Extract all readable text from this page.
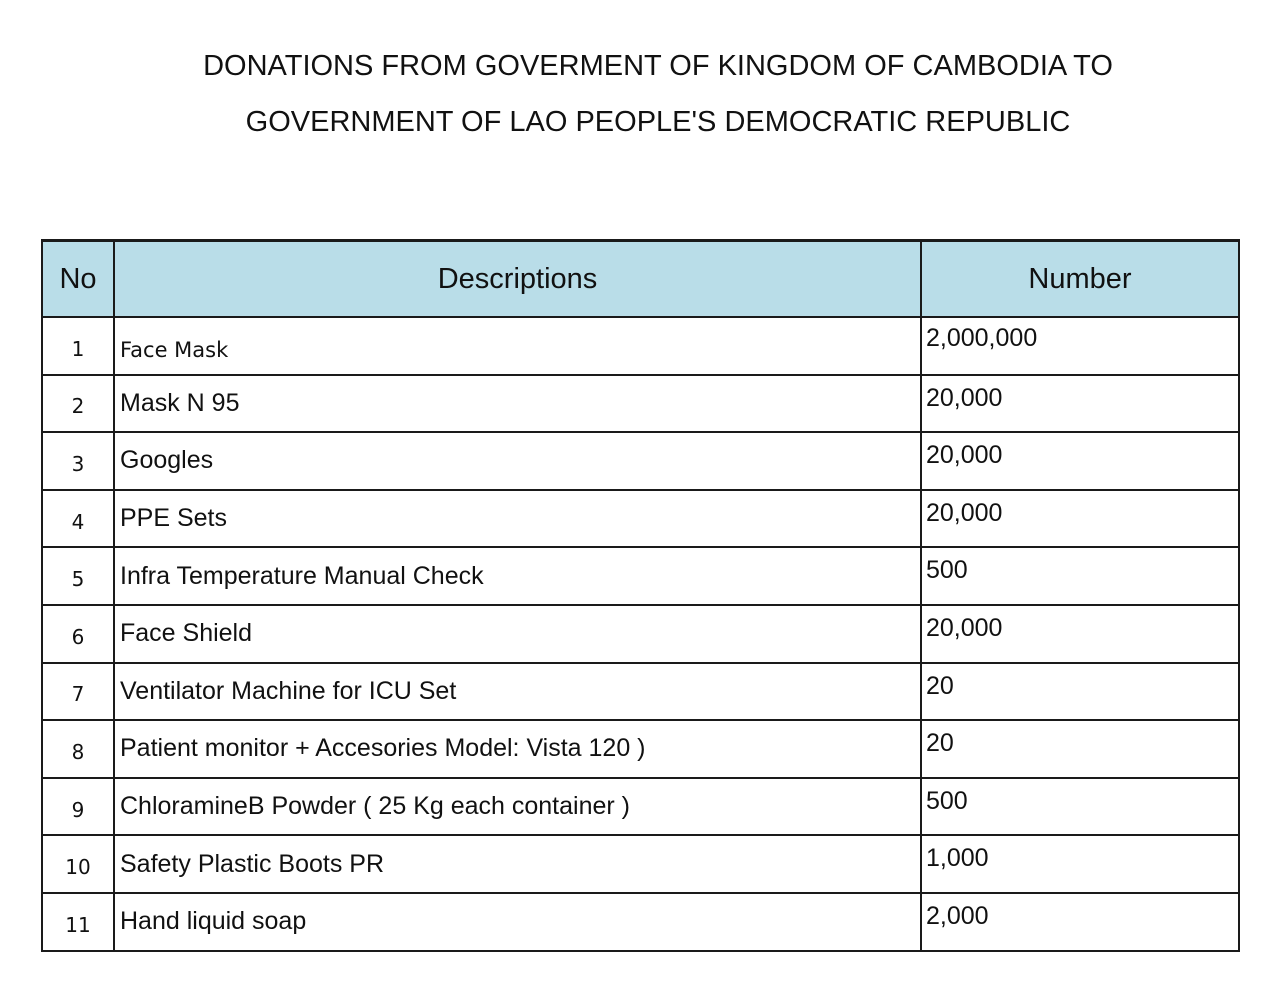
DONATIONS FROM GOVERMENT OF KINGDOM OF CAMBODIA TO
GOVERNMENT OF LAO PEOPLE'S DEMOCRATIC REPUBLIC
No	Descriptions	Number
1	Face Mask	2,000,000
2	Mask N 95	20,000
3	Googles	20,000
4	PPE Sets	20,000
5	Infra Temperature Manual Check	500
6	Face Shield	20,000
7	Ventilator Machine for ICU Set	20
8	Patient monitor + Accesories Model: Vista 120 )	20
9	ChloramineB Powder ( 25 Kg each container )	500
10	Safety Plastic Boots PR	1,000
11	Hand liquid soap	2,000
